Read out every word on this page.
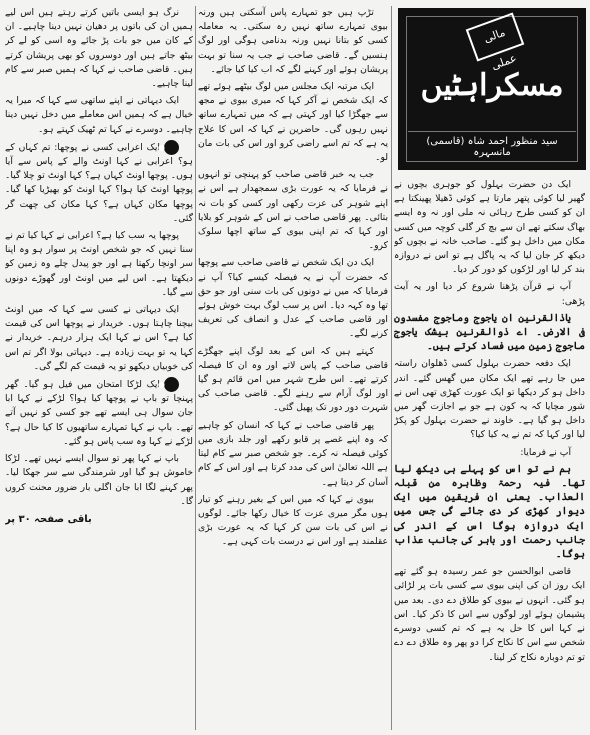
مالی عملی
مسکراہٹیں
سید منظور احمد شاہ (قاسمی) مانسہرہ

ایک دن حضرت بہلول کو جوہری بچوں نے گھیر لیا کوئی پتھر مارتا ہے کوئی ڈھیلا پھینکتا ہے ان کو کسی طرح رہائی نہ ملی اور نہ وہ ایسے بھاگ سکتے تھے ان سے بچ کر گلی کوچہ میں کسی مکان میں داخل ہو گئے۔ صاحب خانہ نے بچوں کو دیکھ کر جان لیا کہ یہ پاگل ہے تو اس نے دروازہ بند کر لیا اور لڑکوں کو دور کر دیا۔

آپ نے قرآن پڑھنا شروع کر دیا اور یہ آیت پڑھی:

یاذالقرنین ان یاجوج وماجوج مفسدون فی الارض۔ اے ذوالقرنین بیشک یاجوج ماجوج زمین میں فساد کرتے ہیں۔

ایک دفعہ حضرت بہلول کسی ڈھلوان راستہ میں جا رہے تھے ایک مکان میں گھس گئے۔ اندر داخل ہو کر دیکھا تو ایک عورت کھڑی تھی اس نے شور مچایا کہ یہ کون ہے جو بے اجازت گھر میں داخل ہو گیا ہے۔ خاوند نے حضرت بہلول کو پکڑ لیا اور کہا کہ تم نے یہ کیا کیا؟

آپ نے فرمایا:

ہم نے تو اس کو پہلے ہی دیکھ لیا تھا۔ فیہ رحمۃ وظاہرہ من قبلہ العذاب۔ یعنی ان فریقین میں ایک دیوار کھڑی کر دی جائے گی جس میں ایک دروازہ ہوگا اس کے اندر کی جانب رحمت اور باہر کی جانب عذاب ہوگا۔

قاضی ابوالحسن جو عمر رسیدہ ہو گئے تھے ایک روز ان کی اپنی بیوی سے کسی بات پر لڑائی ہو گئی۔ انہوں نے بیوی کو طلاق دے دی۔ بعد میں پشیمان ہوئے اور لوگوں سے اس کا ذکر کیا۔ اس نے کہا اس کا حل یہ ہے کہ تم کسی دوسرے شخص سے اس کا نکاح کرا دو پھر وہ طلاق دے دے تو تم دوبارہ نکاح کر لینا۔

تڑپ ہیں جو تمہارے پاس آسکتی ہیں ورنہ بیوی تمہارے ساتھ نہیں رہ سکتی۔ یہ معاملہ کسی کو بتانا نہیں ورنہ بدنامی ہوگی اور لوگ ہنسیں گے۔ قاضی صاحب نے جب یہ سنا تو بہت پریشان ہوئے اور کہنے لگے کہ اب کیا کیا جائے۔

ایک مرتبہ ایک مجلس میں لوگ بیٹھے ہوئے تھے کہ ایک شخص نے آکر کہا کہ میری بیوی نے مجھ سے جھگڑا کیا اور کہتی ہے کہ میں تمہارے ساتھ نہیں رہوں گی۔ حاضرین نے کہا کہ اس کا علاج یہ ہے کہ تم اسے راضی کرو اور اس کی بات مان لو۔

جب یہ خبر قاضی صاحب کو پہنچی تو انہوں نے فرمایا کہ یہ عورت بڑی سمجھدار ہے اس نے اپنے شوہر کی عزت رکھی اور کسی کو بات نہ بتائی۔ پھر قاضی صاحب نے اس کے شوہر کو بلایا اور کہا کہ تم اپنی بیوی کے ساتھ اچھا سلوک کرو۔

ایک دن ایک شخص نے قاضی صاحب سے پوچھا کہ حضرت آپ نے یہ فیصلہ کیسے کیا؟ آپ نے فرمایا کہ میں نے دونوں کی بات سنی اور جو حق تھا وہ کہہ دیا۔ اس پر سب لوگ بہت خوش ہوئے اور قاضی صاحب کے عدل و انصاف کی تعریف کرنے لگے۔

کہتے ہیں کہ اس کے بعد لوگ اپنے جھگڑے قاضی صاحب کے پاس لاتے اور وہ ان کا فیصلہ کرتے تھے۔ اس طرح شہر میں امن قائم ہو گیا اور لوگ آرام سے رہنے لگے۔ قاضی صاحب کی شہرت دور دور تک پھیل گئی۔

پھر قاضی صاحب نے کہا کہ انسان کو چاہیے کہ وہ اپنے غصے پر قابو رکھے اور جلد بازی میں کوئی فیصلہ نہ کرے۔ جو شخص صبر سے کام لیتا ہے اللہ تعالیٰ اس کی مدد کرتا ہے اور اس کے کام آسان کر دیتا ہے۔

بیوی نے کہا کہ میں اس کے بغیر رہنے کو تیار ہوں مگر میری عزت کا خیال رکھا جائے۔ لوگوں نے اس کی بات سن کر کہا کہ یہ عورت بڑی عقلمند ہے اور اس نے درست بات کہی ہے۔

نرگ ہو ایسی باتیں کرتے رہتے ہیں اس لیے ہمیں ان کی باتوں پر دھیان نہیں دینا چاہیے۔ ان کے کان میں جو بات پڑ جائے وہ اسی کو لے کر بیٹھ جاتے ہیں اور دوسروں کو بھی پریشان کرتے ہیں۔ قاضی صاحب نے کہا کہ ہمیں صبر سے کام لینا چاہیے۔

ایک دیہاتی نے اپنے ساتھی سے کہا کہ میرا یہ خیال ہے کہ ہمیں اس معاملے میں دخل نہیں دینا چاہیے۔ دوسرے نے کہا تم ٹھیک کہتے ہو۔

●ایک اعرابی کسی نے پوچھا: تم کہاں کے ہو؟ اعرابی نے کہا اونٹ والے کے پاس سے آیا ہوں۔ پوچھا اونٹ کہاں ہے؟ کہا اونٹ تو چلا گیا۔ پوچھا اونٹ کیا ہوا؟ کہا اونٹ کو بھیڑیا کھا گیا۔ پوچھا مکان کہاں ہے؟ کہا مکان کی چھت گر گئی۔

پوچھا یہ سب کیا ہے؟ اعرابی نے کہا کیا تم نے سنا نہیں کہ جو شخص اونٹ پر سوار ہو وہ اپنا سر اونچا رکھتا ہے اور جو پیدل چلے وہ زمین کو دیکھتا ہے۔ اس لیے میں اونٹ اور گھوڑے دونوں سے گیا۔

ایک دیہاتی نے کسی سے کہا کہ میں اونٹ بیچنا چاہتا ہوں۔ خریدار نے پوچھا اس کی قیمت کیا ہے؟ اس نے کہا ایک ہزار درہم۔ خریدار نے کہا یہ تو بہت زیادہ ہے۔ دیہاتی بولا اگر تم اس کی خوبیاں دیکھو تو یہ قیمت کم لگے گی۔

●ایک لڑکا امتحان میں فیل ہو گیا۔ گھر پہنچا تو باپ نے پوچھا کیا ہوا؟ لڑکے نے کہا ابا جان سوال ہی ایسے تھے جو کسی کو نہیں آتے تھے۔ باپ نے کہا تمہارے ساتھیوں کا کیا حال ہے؟ لڑکے نے کہا وہ سب پاس ہو گئے۔

باپ نے کہا پھر تو سوال ایسے نہیں تھے۔ لڑکا خاموش ہو گیا اور شرمندگی سے سر جھکا لیا۔ پھر کہنے لگا ابا جان اگلی بار ضرور محنت کروں گا۔

باقی صفحہ ۳۰ پر
